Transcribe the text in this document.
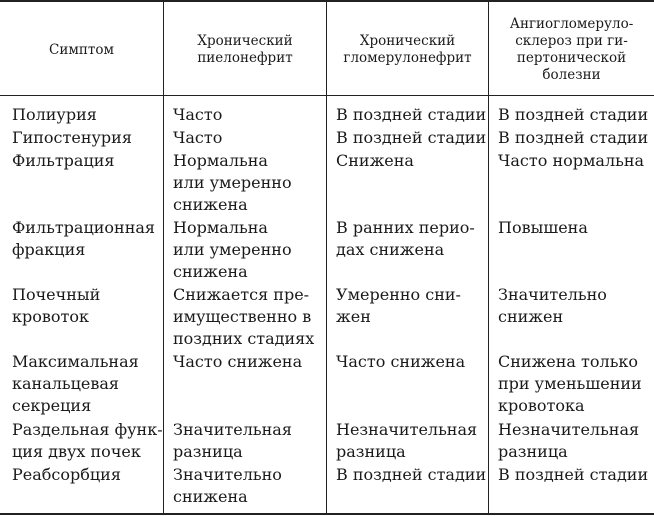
Симптом
Хронический
пиелонефрит
Хронический
гломерулонефрит
Ангиогломеруло-
склероз при ги-
пертонической
болезни
Полиурия
Гипостенурия
Фильтрация
Фильтрационная
фракция
Почечный
кровоток
Максимальная
канальцевая
секреция
Раздельная функ-
ция двух почек
Реабсорбция
Часто
Часто
Нормальна
или умеренно
снижена
Нормальна
или умеренно
снижена
Снижается пре-
имущественно в
поздних стадиях
Часто снижена
Значительная
разница
Значительно
снижена
В поздней стадии
В поздней стадии
Снижена
В ранних перио-
дах снижена
Умеренно сни-
жен
Часто снижена
Незначительная
разница
В поздней стадии
В поздней стадии
В поздней стадии
Часто нормальна
Повышена
Значительно
снижен
Снижена только
при уменьшении
кровотока
Незначительная
разница
В поздней стадии
